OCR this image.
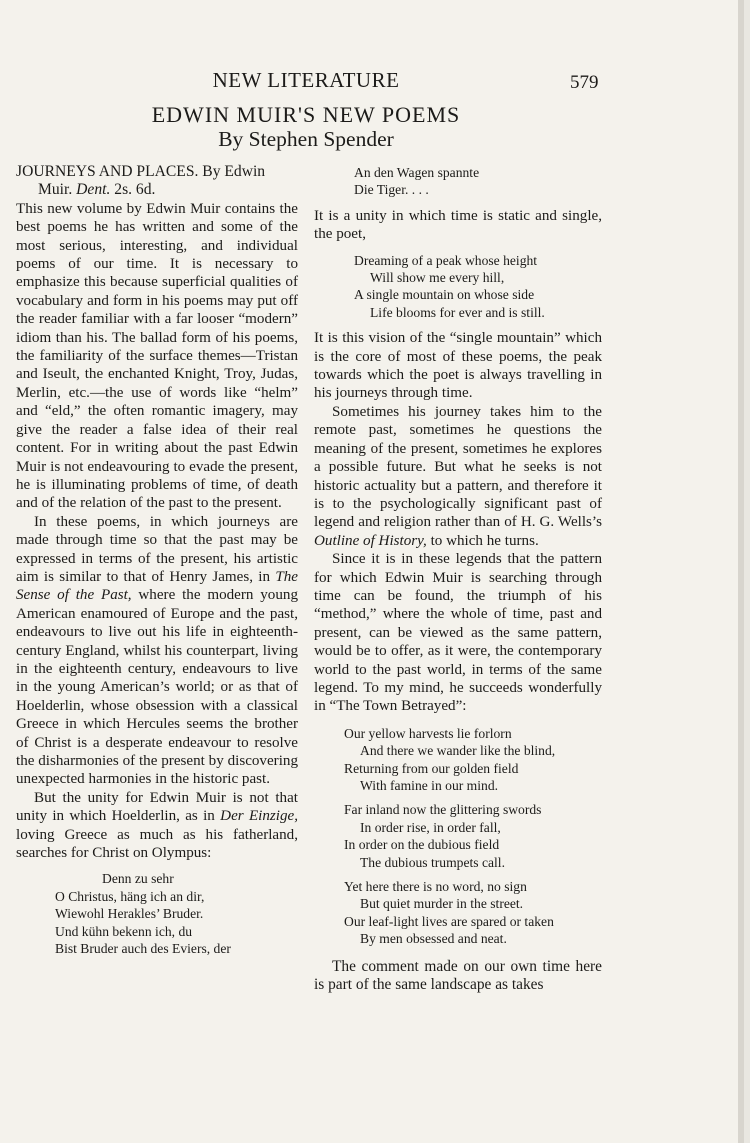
NEW LITERATURE	579
EDWIN MUIR'S NEW POEMS
By Stephen Spender

JOURNEYS AND PLACES. By Edwin Muir. Dent. 2s. 6d.

This new volume by Edwin Muir contains the best poems he has written and some of the most serious, interesting, and individual poems of our time. It is necessary to emphasize this because superficial qualities of vocabulary and form in his poems may put off the reader familiar with a far looser “modern” idiom than his. The ballad form of his poems, the familiarity of the surface themes—Tristan and Iseult, the enchanted Knight, Troy, Judas, Merlin, etc.—the use of words like “helm” and “eld,” the often romantic imagery, may give the reader a false idea of their real content. For in writing about the past Edwin Muir is not endeavouring to evade the present, he is illuminating problems of time, of death and of the relation of the past to the present.

In these poems, in which journeys are made through time so that the past may be expressed in terms of the present, his artistic aim is similar to that of Henry James, in The Sense of the Past, where the modern young American enamoured of Europe and the past, endeavours to live out his life in eighteenth-century England, whilst his counterpart, living in the eighteenth century, endeavours to live in the young American’s world; or as that of Hoelderlin, whose obsession with a classical Greece in which Hercules seems the brother of Christ is a desperate endeavour to resolve the disharmonies of the present by discovering unexpected harmonies in the historic past.

But the unity for Edwin Muir is not that unity in which Hoelderlin, as in Der Einzige, loving Greece as much as his fatherland, searches for Christ on Olympus:

Denn zu sehr
O Christus, häng ich an dir,
Wiewohl Herakles’ Bruder.
Und kühn bekenn ich, du
Bist Bruder auch des Eviers, der
An den Wagen spannte
Die Tiger. . . .

It is a unity in which time is static and single, the poet,

Dreaming of a peak whose height
Will show me every hill,
A single mountain on whose side
Life blooms for ever and is still.

It is this vision of the “single mountain” which is the core of most of these poems, the peak towards which the poet is always travelling in his journeys through time.

Sometimes his journey takes him to the remote past, sometimes he questions the meaning of the present, sometimes he explores a possible future. But what he seeks is not historic actuality but a pattern, and therefore it is to the psychologically significant past of legend and religion rather than of H. G. Wells’s Outline of History, to which he turns.

Since it is in these legends that the pattern for which Edwin Muir is searching through time can be found, the triumph of his “method,” where the whole of time, past and present, can be viewed as the same pattern, would be to offer, as it were, the contemporary world to the past world, in terms of the same legend. To my mind, he succeeds wonderfully in “The Town Betrayed”:

Our yellow harvests lie forlorn
And there we wander like the blind,
Returning from our golden field
With famine in our mind.
Far inland now the glittering swords
In order rise, in order fall,
In order on the dubious field
The dubious trumpets call.
Yet here there is no word, no sign
But quiet murder in the street.
Our leaf-light lives are spared or taken
By men obsessed and neat.

The comment made on our own time here is part of the same landscape as takes
